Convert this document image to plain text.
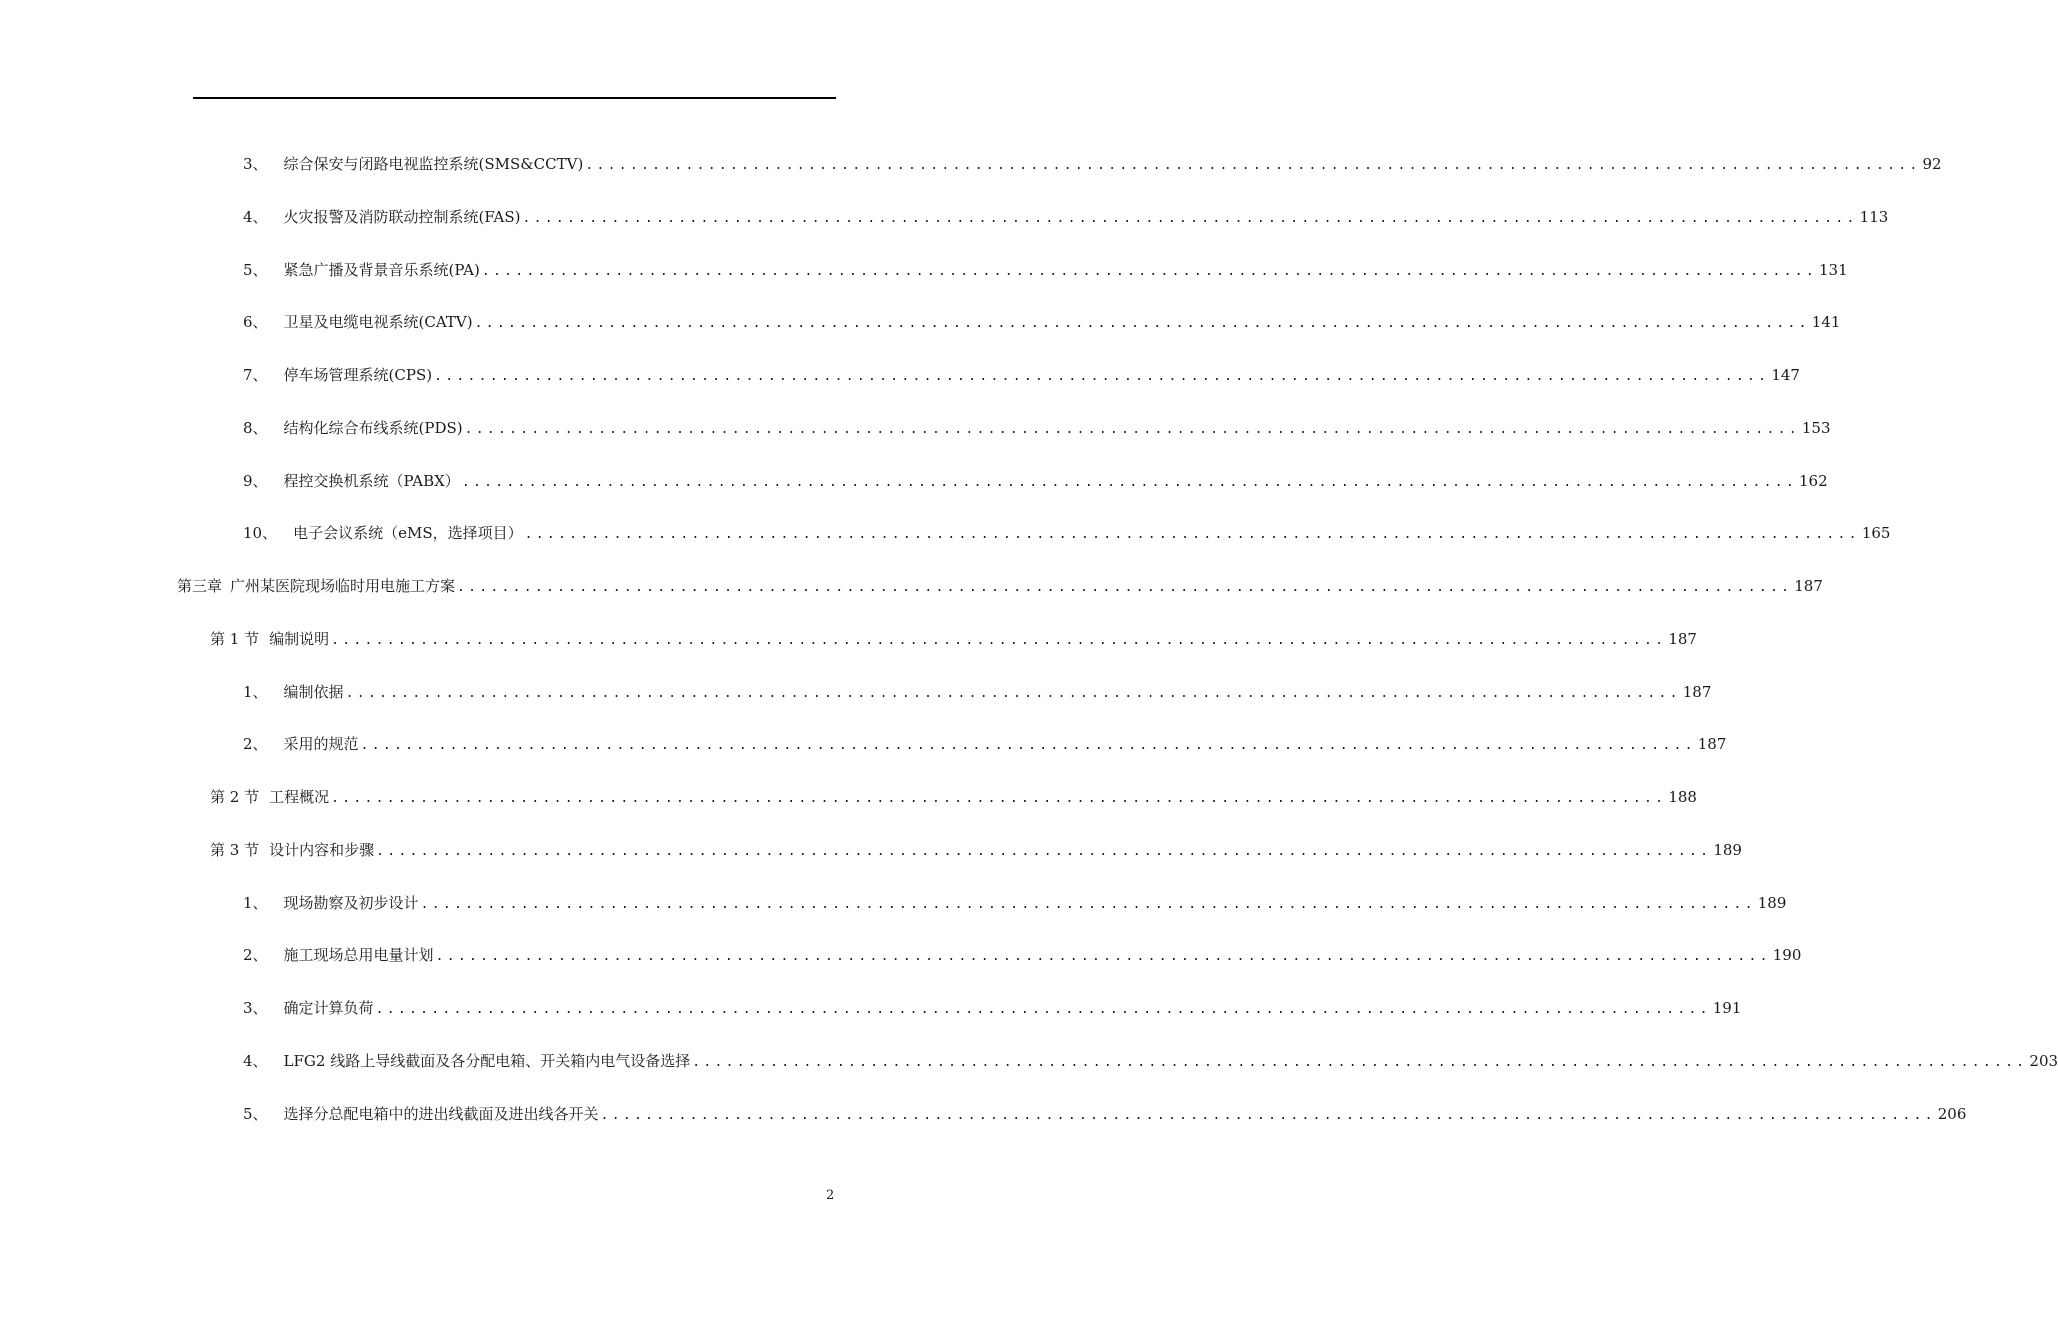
3、 综合保安与闭路电视监控系统(SMS&CCTV) ........................................................................................................................ 92
4、 火灾报警及消防联动控制系统(FAS) ........................................................................................................................ 113
5、 紧急广播及背景音乐系统(PA) ........................................................................................................................ 131
6、 卫星及电缆电视系统(CATV) ........................................................................................................................ 141
7、 停车场管理系统(CPS) ........................................................................................................................ 147
8、 结构化综合布线系统(PDS) ........................................................................................................................ 153
9、 程控交换机系统（PABX） ........................................................................................................................ 162
10、 电子会议系统（eMS，选择项目） ........................................................................................................................ 165
第三章 广州某医院现场临时用电施工方案 ........................................................................................................................ 187
第 1 节 编制说明 ........................................................................................................................ 187
1、 编制依据 ........................................................................................................................ 187
2、 采用的规范 ........................................................................................................................ 187
第 2 节 工程概况 ........................................................................................................................ 188
第 3 节 设计内容和步骤 ........................................................................................................................ 189
1、 现场勘察及初步设计 ........................................................................................................................ 189
2、 施工现场总用电量计划 ........................................................................................................................ 190
3、 确定计算负荷 ........................................................................................................................ 191
4、 LFG2 线路上导线截面及各分配电箱、开关箱内电气设备选择 ........................................................................................................................ 203
5、 选择分总配电箱中的进出线截面及进出线各开关 ........................................................................................................................ 206
2
